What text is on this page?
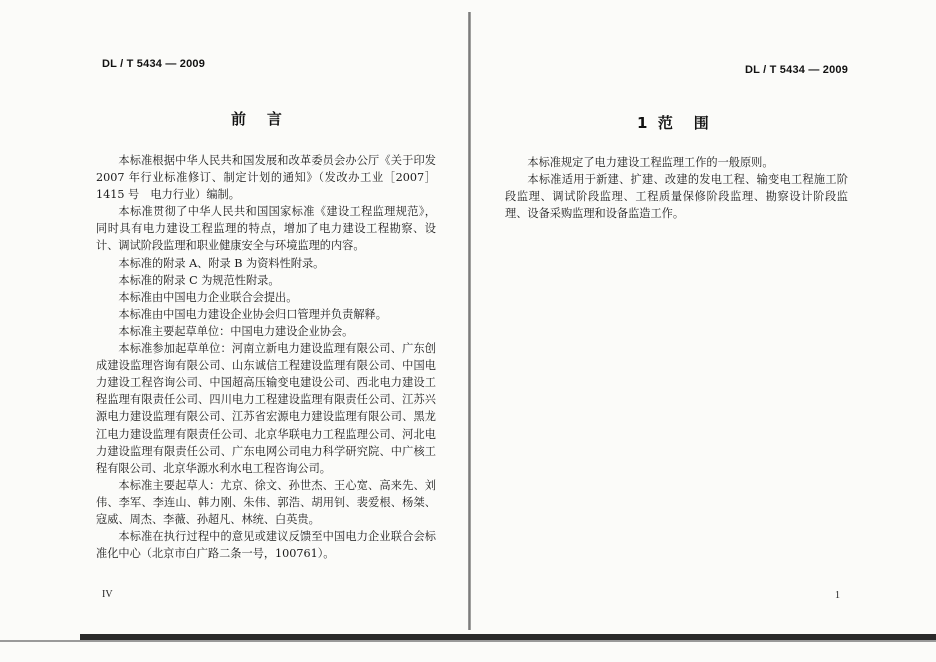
DL / T 5434 — 2009
前    言

本标准根据中华人民共和国发展和改革委员会办公厅《关于印发 2007 年行业标准修订、制定计划的通知》（发改办工业［2007］1415 号　电力行业）编制。

本标准贯彻了中华人民共和国国家标准《建设工程监理规范》，同时具有电力建设工程监理的特点，增加了电力建设工程勘察、设计、调试阶段监理和职业健康安全与环境监理的内容。

本标准的附录 A、附录 B 为资料性附录。

本标准的附录 C 为规范性附录。

本标准由中国电力企业联合会提出。

本标准由中国电力建设企业协会归口管理并负责解释。

本标准主要起草单位：中国电力建设企业协会。

本标准参加起草单位：河南立新电力建设监理有限公司、广东创成建设监理咨询有限公司、山东诚信工程建设监理有限公司、中国电力建设工程咨询公司、中国超高压输变电建设公司、西北电力建设工程监理有限责任公司、四川电力工程建设监理有限责任公司、江苏兴源电力建设监理有限公司、江苏省宏源电力建设监理有限公司、黑龙江电力建设监理有限责任公司、北京华联电力工程监理公司、河北电力建设监理有限责任公司、广东电网公司电力科学研究院、中广核工程有限公司、北京华源水利水电工程咨询公司。

本标准主要起草人：尤京、徐文、孙世杰、王心宽、高来先、刘伟、李军、李连山、韩力刚、朱伟、郭浩、胡用钊、裴爱根、杨桀、寇威、周杰、李薇、孙超凡、林统、白英贵。

本标准在执行过程中的意见或建议反馈至中国电力企业联合会标准化中心（北京市白广路二条一号，100761）。

IV
DL / T 5434 — 2009
1  范    围

本标准规定了电力建设工程监理工作的一般原则。

本标准适用于新建、扩建、改建的发电工程、输变电工程施工阶段监理、调试阶段监理、工程质量保修阶段监理、勘察设计阶段监理、设备采购监理和设备监造工作。

1
